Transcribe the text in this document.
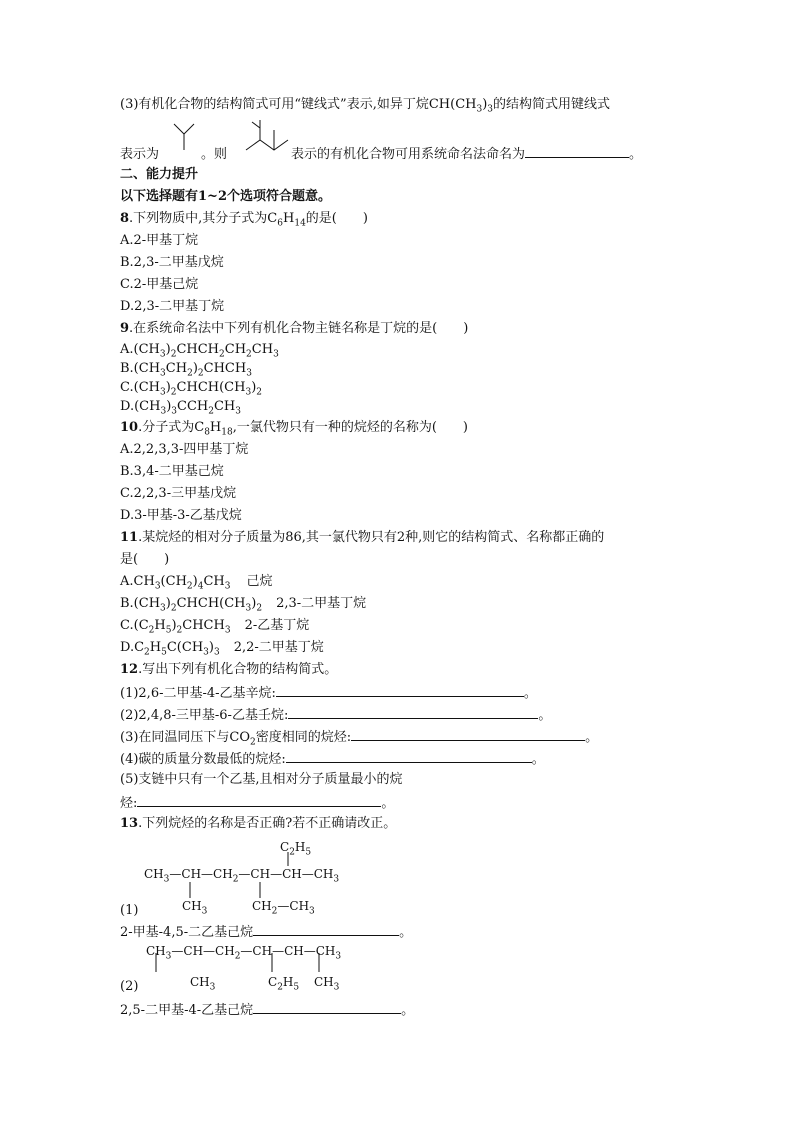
(3)有机化合物的结构简式可用“键线式”表示,如异丁烷$CH(CH_3)_3$的结构简式用键线式
表示为	。则	表示的有机化合物可用系统命名法命名为	。
二、能力提升
以下选择题有1~2个选项符合题意。
8.下列物质中,其分子式为$C_6H_{14}$的是(　　)
A.2-甲基丁烷
B.2,3-二甲基戊烷
C.2-甲基己烷
D.2,3-二甲基丁烷
9.在系统命名法中下列有机化合物主链名称是丁烷的是(　　)
$A.(CH_3)_2CHCH_2CH_2CH_3$
$B.(CH_3CH_2)_2CHCH_3$
$C.(CH_3)_2CHCH(CH_3)_2$
$D.(CH_3)_3CCH_2CH_3$
10.分子式为$C_8H_{18}$,一氯代物只有一种的烷烃的名称为(　　)
A.2,2,3,3-四甲基丁烷
B.3,4-二甲基己烷
C.2,2,3-三甲基戊烷
D.3-甲基-3-乙基戊烷
11.某烷烃的相对分子质量为86,其一氯代物只有2种,则它的结构简式、名称都正确的
是(　　)
$A.CH_3(CH_2)_4CH_3$ 己烷
$B.(CH_3)_2CHCH(CH_3)_2$ 2,3-二甲基丁烷
$C.(C_2H_5)_2CHCH_3$ 2-乙基丁烷
$D.C_2H_5C(CH_3)_3$ 2,2-二甲基丁烷
12.写出下列有机化合物的结构简式。
(1)2,6-二甲基-4-乙基辛烷:	。
(2)2,4,8-三甲基-6-乙基壬烷:	。
(3)在同温同压下与$CO_2$密度相同的烷烃:	。
(4)碳的质量分数最低的烷烃:	。
(5)支链中只有一个乙基,且相对分子质量最小的烷
烃:	。
13.下列烷烃的名称是否正确?若不正确请改正。
$C_2H_5$
$CH_3—CH—CH_2—CH—CH—CH_3$
$CH_3$	$CH_2—CH_3$
(1)
2-甲基-4,5-二乙基己烷	。
$CH_3—CH—CH_2—CH—CH—CH_3$
$CH_3$	$C_2H_5$ $CH_3$
(2)
2,5-二甲基-4-乙基己烷	。
